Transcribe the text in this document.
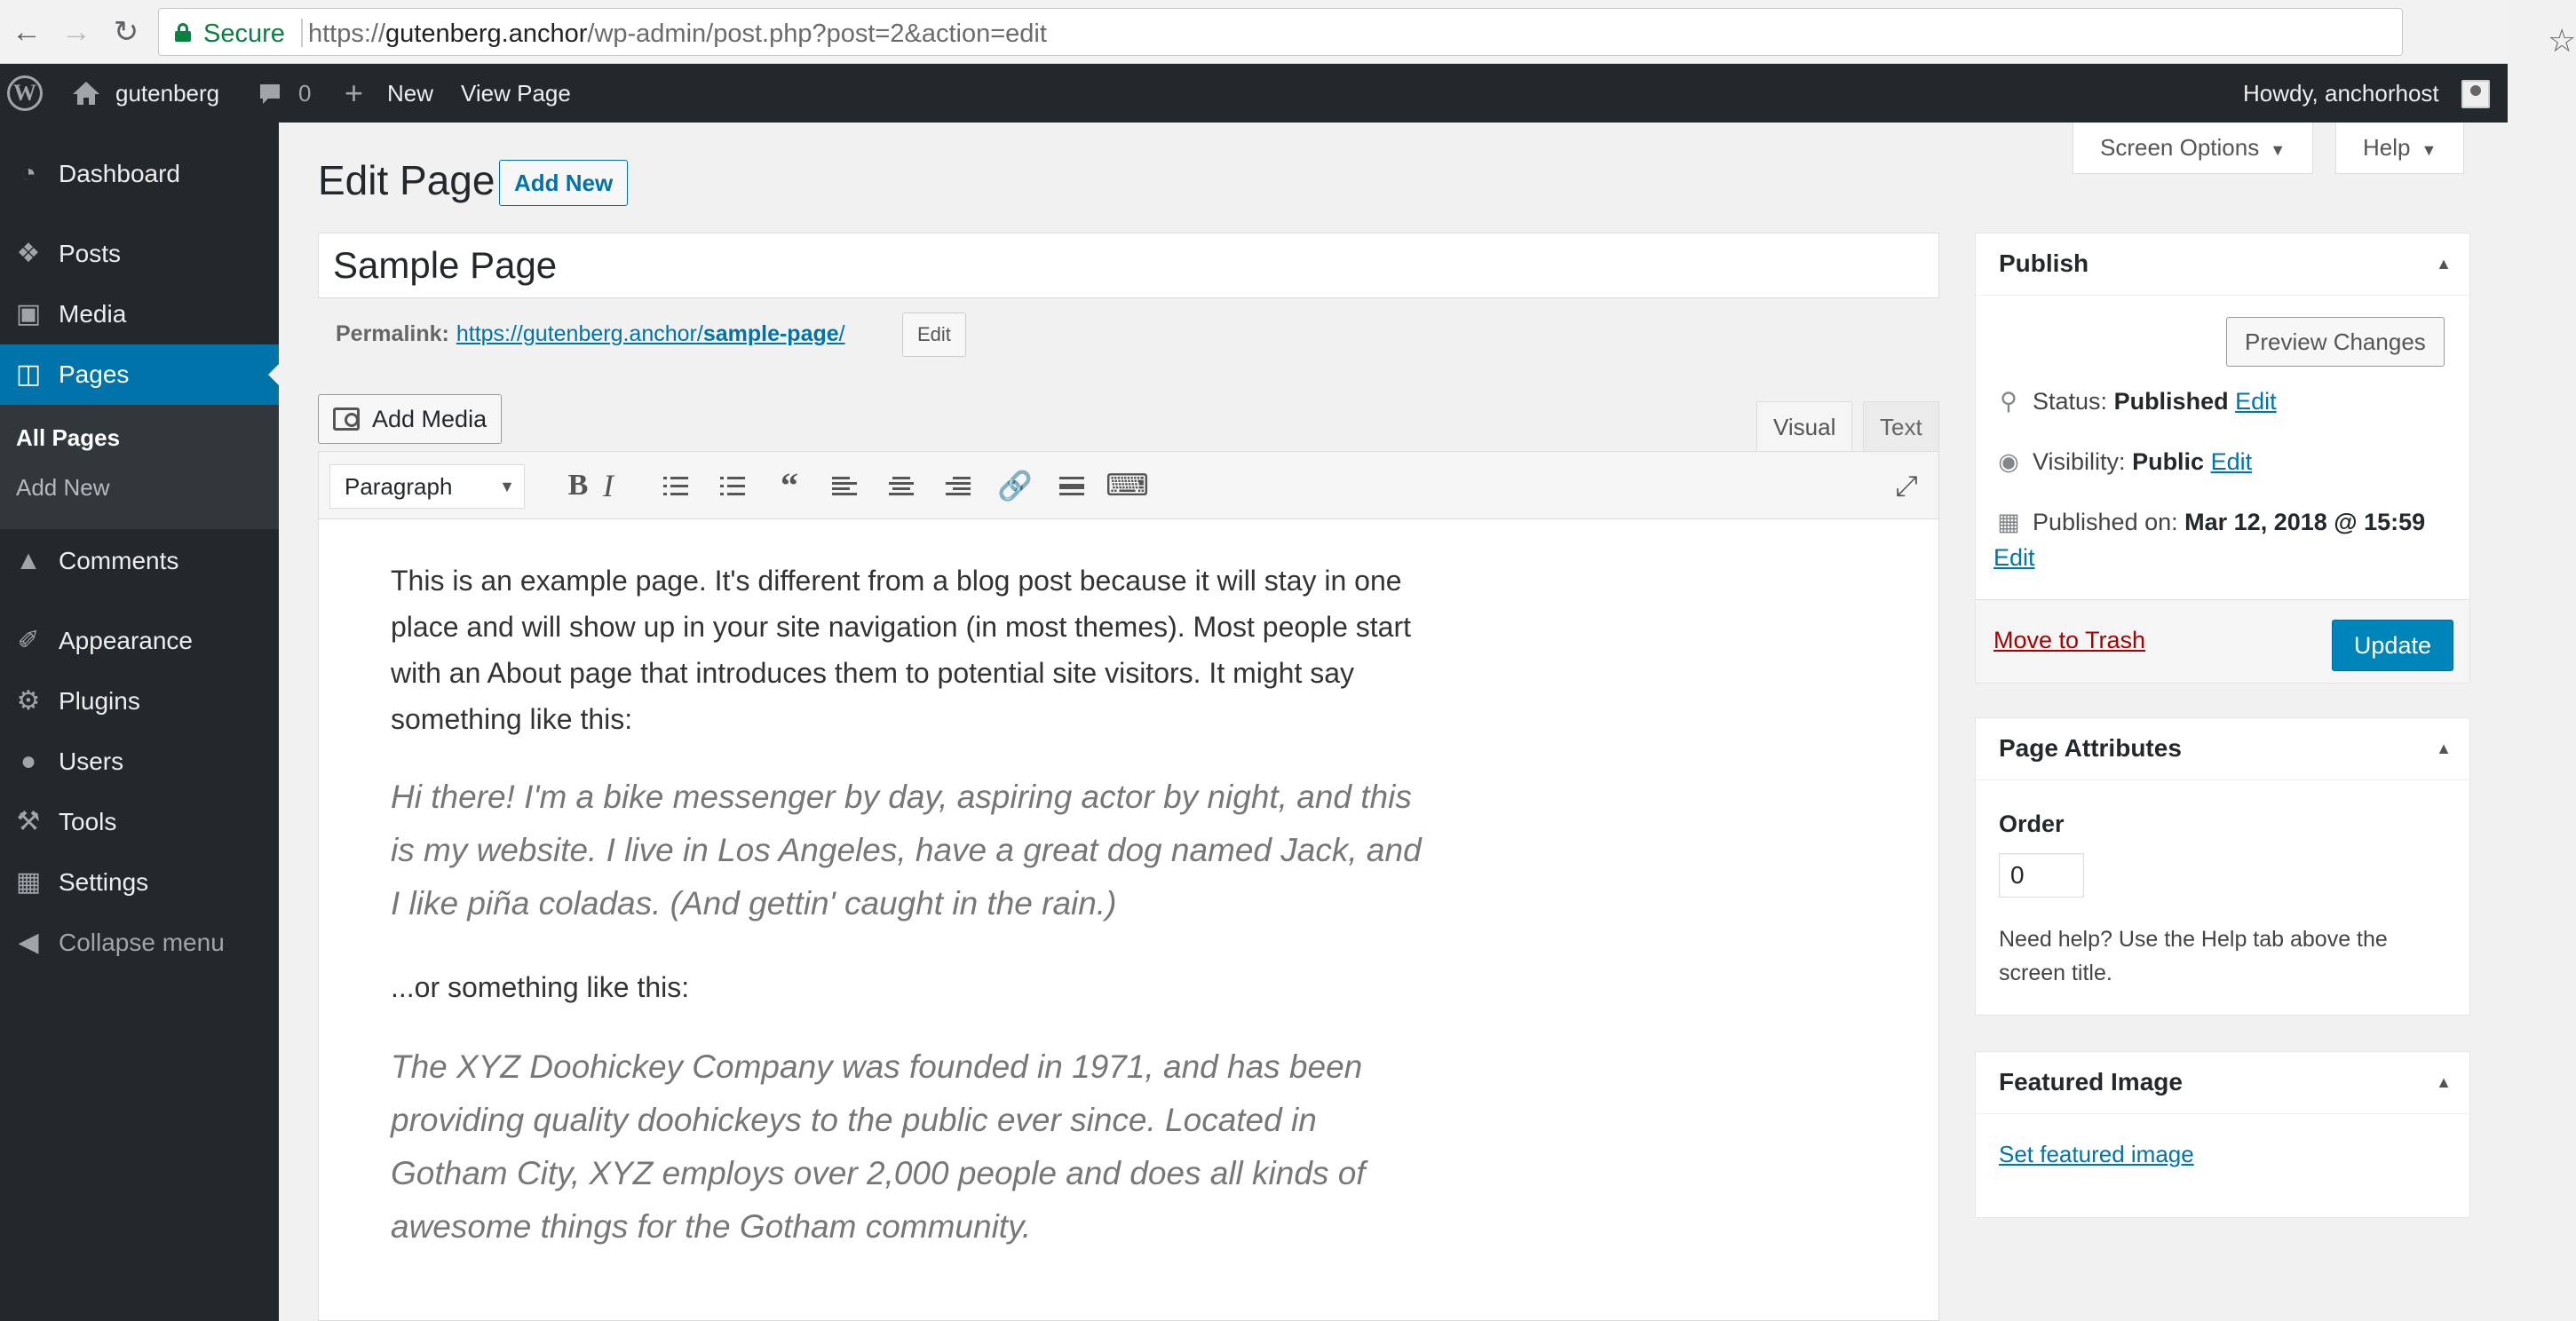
← → ↻	Secure https://gutenberg.anchor/wp-admin/post.php?post=2&action=edit	☆
W	gutenberg	0 + New View Page	Howdy, anchorhost
◔ Dashboard
❖ Posts
▣ Media
◫ Pages
All Pages
Add New
▲ Comments
✐ Appearance
⚙ Plugins
● Users
⚒ Tools
▦ Settings
◀ Collapse menu
Screen Options ▼	Help ▼
Edit Page Add New
Sample Page
Permalink: https://gutenberg.anchor/sample-page/	Edit
Add Media	Visual	Text
Paragraph	▼	B I	“	🔗 ⌨	⤢

This is an example page. It's different from a blog post because it will stay in one place and will show up in your site navigation (in most themes). Most people start with an About page that introduces them to potential site visitors. It might say something like this:

Hi there! I'm a bike messenger by day, aspiring actor by night, and this is my website. I live in Los Angeles, have a great dog named Jack, and I like piña coladas. (And gettin' caught in the rain.)

...or something like this:

The XYZ Doohickey Company was founded in 1971, and has been providing quality doohickeys to the public ever since. Located in Gotham City, XYZ employs over 2,000 people and does all kinds of awesome things for the Gotham community.

Publish	▲
Preview Changes
⚲ Status: Published Edit
◉ Visibility: Public Edit
▦ Published on: Mar 12, 2018 @ 15:59
Edit
Move to Trash	Update
Page Attributes	▲
Order
0
Need help? Use the Help tab above the screen title.
Featured Image	▲
Set featured image
